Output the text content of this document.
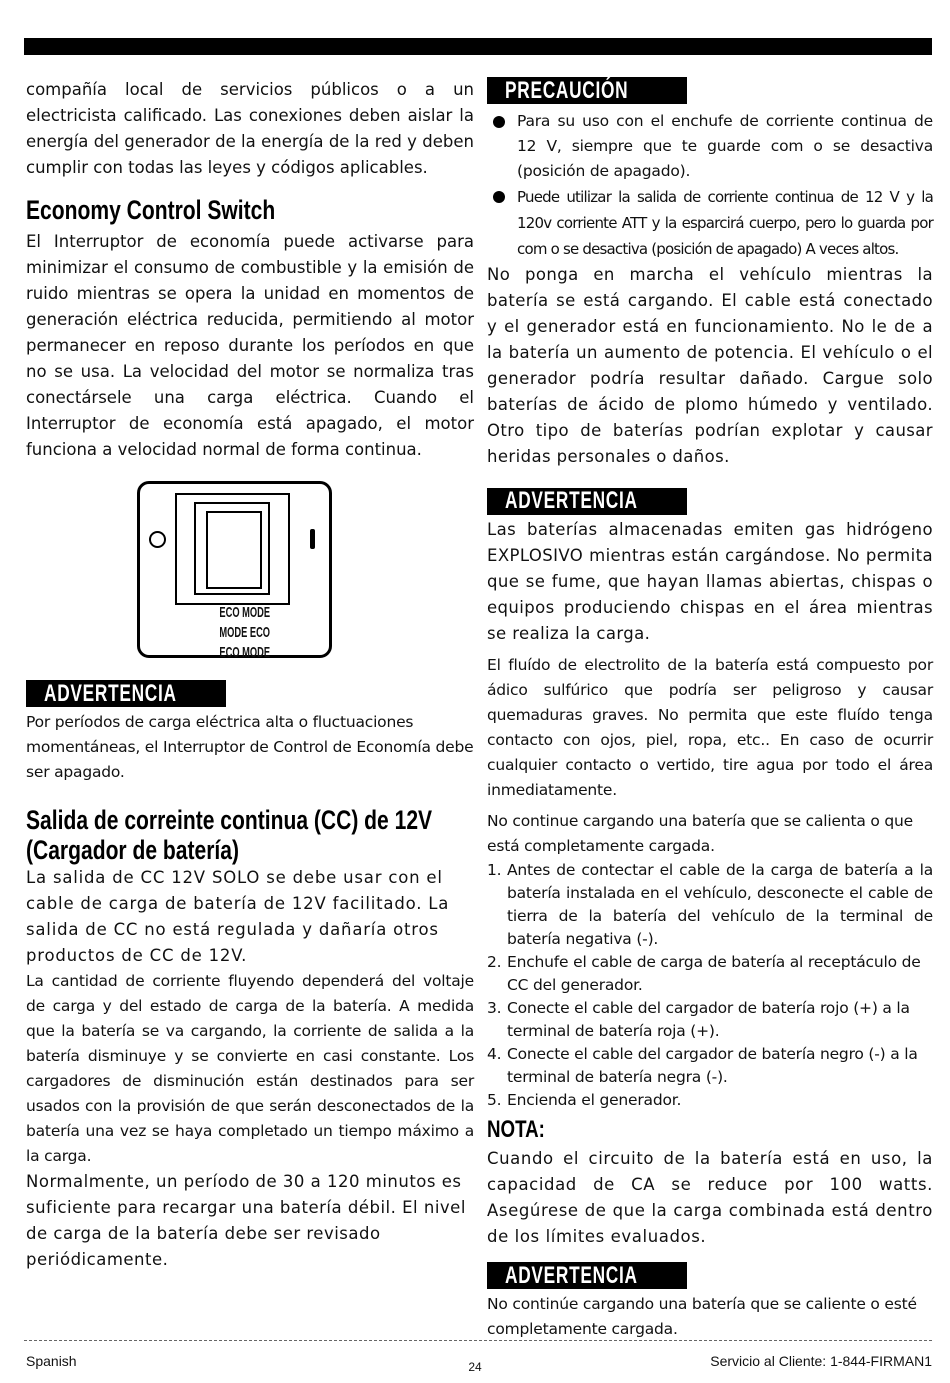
compañía local de servicios públicos o a un electricista calificado. Las conexiones deben aislar la energía del generador de la energía de la red y deben cumplir con todas las leyes y códigos aplicables.

Economy Control Switch

El Interruptor de economía puede activarse para minimizar el consumo de combustible y la emisión de ruido mientras se opera la unidad en momentos de generación eléctrica reducida, permitiendo al motor permanecer en reposo durante los períodos en que no se usa. La velocidad del motor se normaliza tras conectársele una carga eléctrica. Cuando el Interruptor de economía está apagado, el motor funciona a velocidad normal de forma continua.

ECO MODE
MODE ECO
ECO MODE
ADVERTENCIA

Por períodos de carga eléctrica alta o fluctuaciones momentáneas, el Interruptor de Control de Economía debe ser apagado.

Salida de correinte continua (CC) de 12V
(Cargador de batería)

La salida de CC 12V SOLO se debe usar con el cable de carga de batería de 12V facilitado. La salida de CC no está regulada y dañaría otros productos de CC de 12V.

La cantidad de corriente fluyendo dependerá del voltaje de carga y del estado de carga de la batería. A medida que la batería se va cargando, la corriente de salida a la batería disminuye y se convierte en casi constante. Los cargadores de disminución están destinados para ser usados con la provisión de que serán desconectados de la batería una vez se haya completado un tiempo máximo a la carga.

Normalmente, un período de 30 a 120 minutos es suficiente para recargar una batería débil. El nivel de carga de la batería debe ser revisado periódicamente.

PRECAUCIÓN
Para su uso con el enchufe de corriente continua de 12 V, siempre que te guarde com o se desactiva (posición de apagado).
Puede utilizar la salida de corriente continua de 12 V y la 120v corriente ATT y la esparcirá cuerpo, pero lo guarda por com o se desactiva (posición de apagado) A veces altos.

No ponga en marcha el vehículo mientras la batería se está cargando. El cable está conectado y el generador está en funcionamiento. No le de a la batería un aumento de potencia. El vehículo o el generador podría resultar dañado. Cargue solo baterías de ácido de plomo húmedo y ventilado. Otro tipo de baterías podrían explotar y causar heridas personales o daños.

ADVERTENCIA

Las baterías almacenadas emiten gas hidrógeno EXPLOSIVO mientras están cargándose. No permita que se fume, que hayan llamas abiertas, chispas o equipos produciendo chispas en el área mientras se realiza la carga.

El fluído de electrolito de la batería está compuesto por ádico sulfúrico que podría ser peligroso y causar quemaduras graves. No permita que este fluído tenga contacto con ojos, piel, ropa, etc.. En caso de ocurrir cualquier contacto o vertido, tire agua por todo el área inmediatamente.

No continue cargando una batería que se calienta o que está completamente cargada.

1. Antes de contectar el cable de la carga de batería a la batería instalada en el vehículo, desconecte el cable de tierra de la batería del vehículo de la terminal de batería negativa (-).
2. Enchufe el cable de carga de batería al receptáculo de CC del generador.
3. Conecte el cable del cargador de batería rojo (+) a la terminal de batería roja (+).
4. Conecte el cable del cargador de batería negro (-) a la terminal de batería negra (-).
5. Encienda el generador.
NOTA:

Cuando el circuito de la batería está en uso, la capacidad de CA se reduce por 100 watts. Asegúrese de que la carga combinada está dentro de los límites evaluados.

ADVERTENCIA

No continúe cargando una batería que se caliente o esté completamente cargada.

Spanish	24	Servicio al Cliente: 1-844-FIRMAN1
